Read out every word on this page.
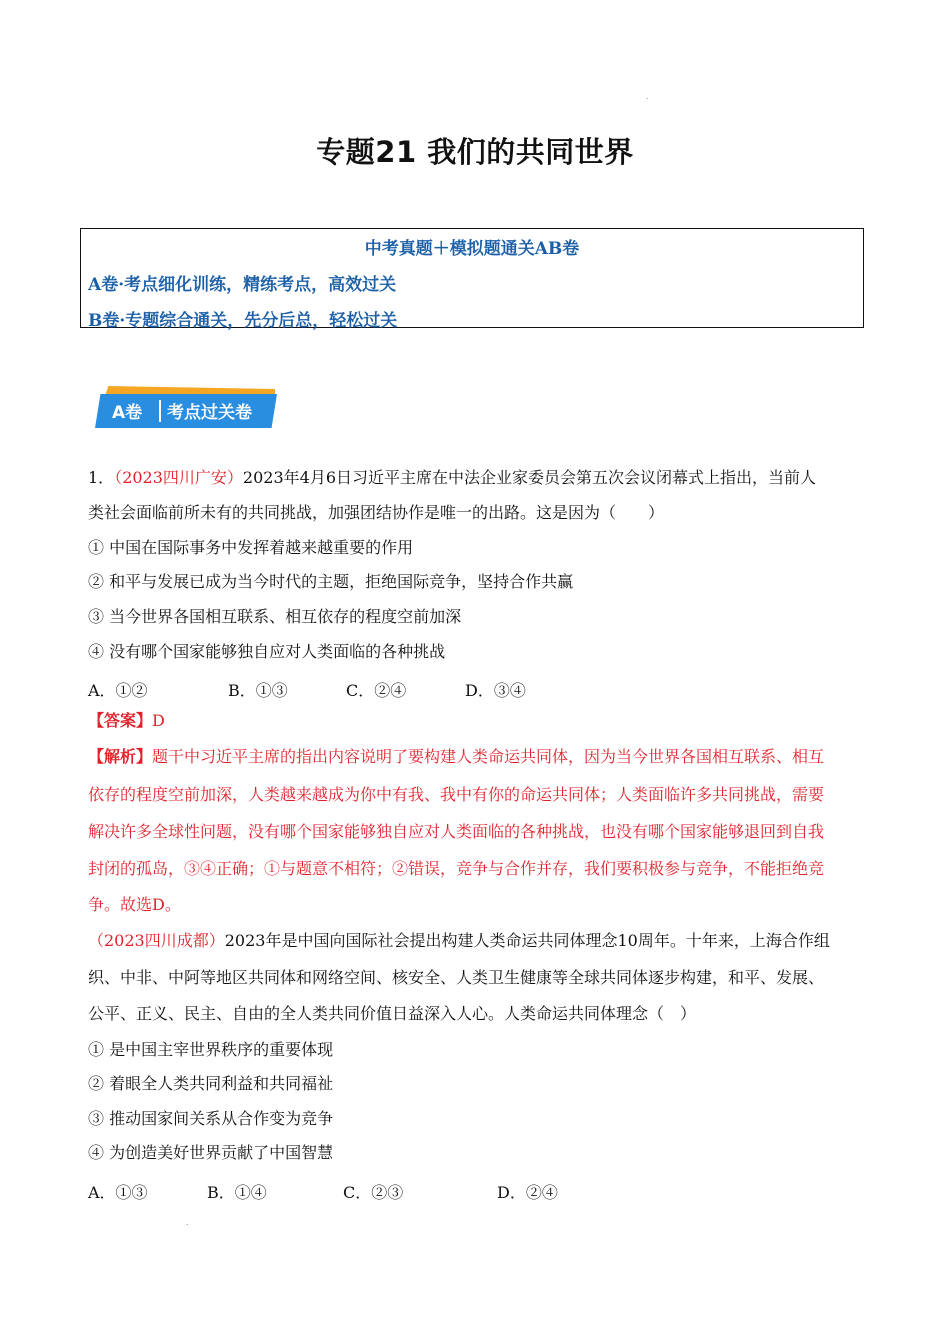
.
专题21 我们的共同世界
中考真题＋模拟题通关AB卷
A卷·考点细化训练，精练考点，高效过关
B卷·专题综合通关，先分后总，轻松过关
A卷 考点过关卷
1．（2023四川广安）2023年4月6日习近平主席在中法企业家委员会第五次会议闭幕式上指出，当前人
类社会面临前所未有的共同挑战，加强团结协作是唯一的出路。这是因为（　　）
① 中国在国际事务中发挥着越来越重要的作用
② 和平与发展已成为当今时代的主题，拒绝国际竞争，坚持合作共赢
③ 当今世界各国相互联系、相互依存的程度空前加深
④ 没有哪个国家能够独自应对人类面临的各种挑战
A．①②	B．①③	C．②④	D．③④
【答案】D
【解析】题干中习近平主席的指出内容说明了要构建人类命运共同体，因为当今世界各国相互联系、相互
依存的程度空前加深，人类越来越成为你中有我、我中有你的命运共同体；人类面临许多共同挑战，需要
解决许多全球性问题，没有哪个国家能够独自应对人类面临的各种挑战，也没有哪个国家能够退回到自我
封闭的孤岛，③④正确；①与题意不相符；②错误，竞争与合作并存，我们要积极参与竞争，不能拒绝竞
争。故选D。
（2023四川成都）2023年是中国向国际社会提出构建人类命运共同体理念10周年。十年来，上海合作组
织、中非、中阿等地区共同体和网络空间、核安全、人类卫生健康等全球共同体逐步构建，和平、发展、
公平、正义、民主、自由的全人类共同价值日益深入人心。人类命运共同体理念（　）
① 是中国主宰世界秩序的重要体现
② 着眼全人类共同利益和共同福祉
③ 推动国家间关系从合作变为竞争
④ 为创造美好世界贡献了中国智慧
A．①③	B．①④	C．②③	D．②④
.
